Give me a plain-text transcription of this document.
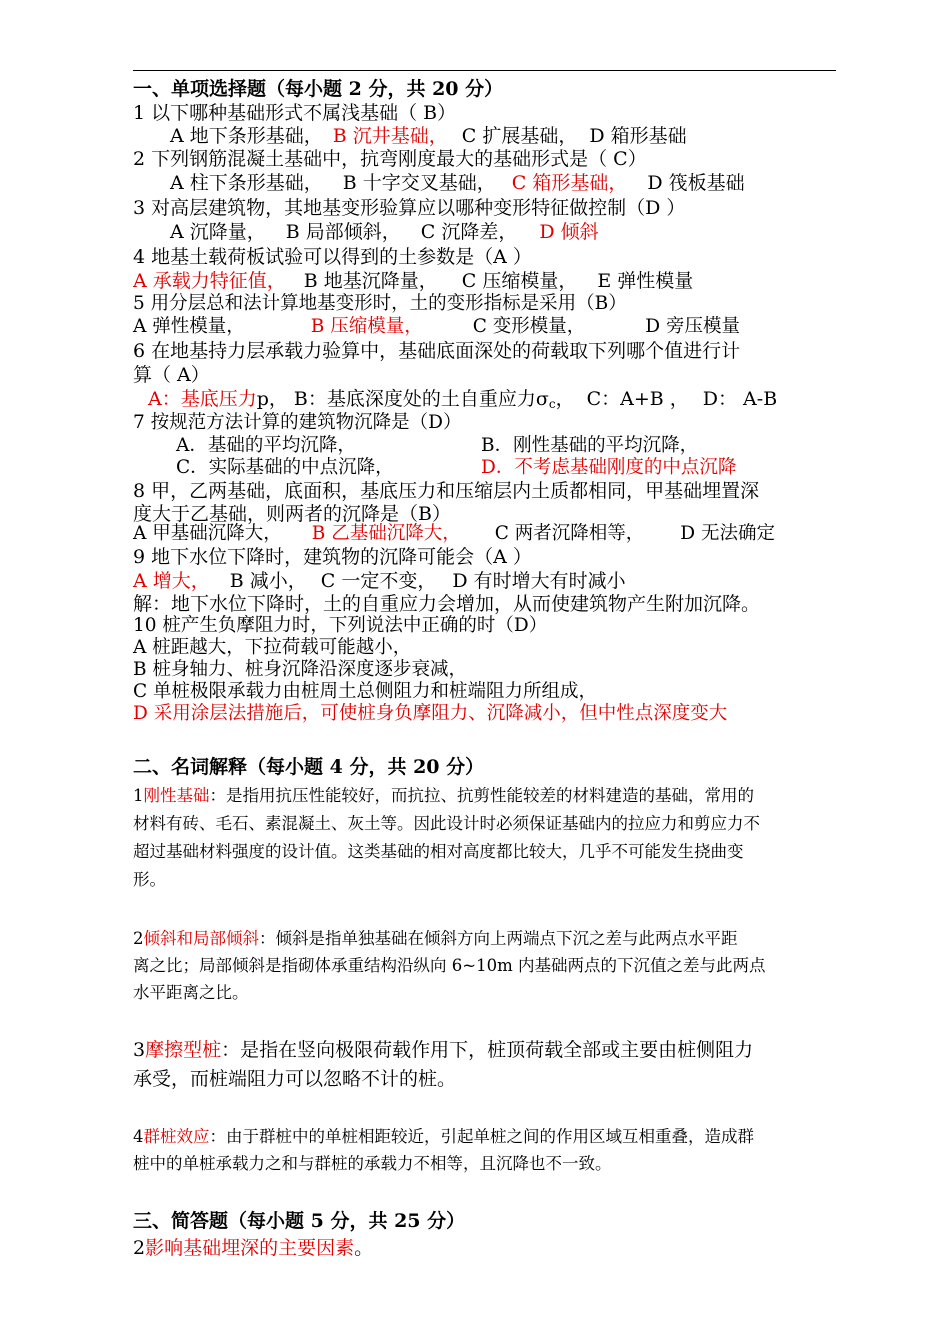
一、单项选择题（每小题 2 分，共 20 分）
1 以下哪种基础形式不属浅基础（ B）
A 地下条形基础， B 沉井基础， C 扩展基础， D 箱形基础
2 下列钢筋混凝土基础中，抗弯刚度最大的基础形式是（ C）
A 柱下条形基础， B 十字交叉基础， C 箱形基础， D 筏板基础
3 对高层建筑物，其地基变形验算应以哪种变形特征做控制（D ）
A 沉降量， B 局部倾斜， C 沉降差， D 倾斜
4 地基土载荷板试验可以得到的土参数是（A ）
A 承载力特征值， B 地基沉降量， C 压缩模量， E 弹性模量
5 用分层总和法计算地基变形时，土的变形指标是采用（B）
A 弹性模量，	B 压缩模量，	C 变形模量，	D 旁压模量
6 在地基持力层承载力验算中，基础底面深处的荷载取下列哪个值进行计
算（ A）
A：基底压力p， B：基底深度处的土自重应力$\sigma_c$， C：A+B ， D： A-B
7 按规范方法计算的建筑物沉降是（D）
A．基础的平均沉降，	B．刚性基础的平均沉降，
C．实际基础的中点沉降，	D．不考虑基础刚度的中点沉降
8 甲，乙两基础，底面积，基底压力和压缩层内土质都相同，甲基础埋置深
度大于乙基础，则两者的沉降是（B）
A 甲基础沉降大， B 乙基础沉降大， C 两者沉降相等， D 无法确定
9 地下水位下降时，建筑物的沉降可能会（A ）
A 增大， B 减小， C 一定不变， D 有时增大有时减小
解：地下水位下降时，土的自重应力会增加，从而使建筑物产生附加沉降。
10 桩产生负摩阻力时，下列说法中正确的时（D）
A 桩距越大，下拉荷载可能越小，
B 桩身轴力、桩身沉降沿深度逐步衰减，
C 单桩极限承载力由桩周土总侧阻力和桩端阻力所组成，
D 采用涂层法措施后，可使桩身负摩阻力、沉降减小，但中性点深度变大
二、名词解释（每小题 4 分，共 20 分）
1刚性基础：是指用抗压性能较好，而抗拉、抗剪性能较差的材料建造的基础，常用的
材料有砖、毛石、素混凝土、灰土等。因此设计时必须保证基础内的拉应力和剪应力不
超过基础材料强度的设计值。这类基础的相对高度都比较大，几乎不可能发生挠曲变
形。
2倾斜和局部倾斜：倾斜是指单独基础在倾斜方向上两端点下沉之差与此两点水平距
离之比；局部倾斜是指砌体承重结构沿纵向 6~10m 内基础两点的下沉值之差与此两点
水平距离之比。
3摩擦型桩：是指在竖向极限荷载作用下，桩顶荷载全部或主要由桩侧阻力
承受，而桩端阻力可以忽略不计的桩。
4群桩效应：由于群桩中的单桩相距较近，引起单桩之间的作用区域互相重叠，造成群
桩中的单桩承载力之和与群桩的承载力不相等，且沉降也不一致。
三、简答题（每小题 5 分，共 25 分）
2影响基础埋深的主要因素。
